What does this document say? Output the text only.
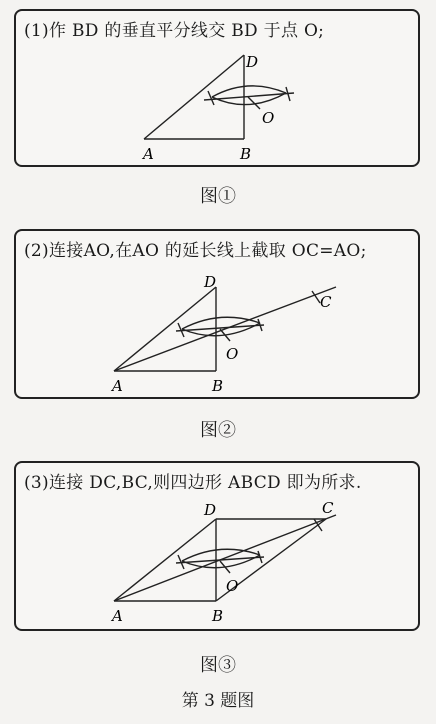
(1)作 BD 的垂直平分线交 BD 于点 O;
A	B
D
O
图①
(2)连接AO,在AO 的延长线上截取 OC=AO;
A	B
D
C
O
图②
(3)连接 DC,BC,则四边形 ABCD 即为所求.
A	B
D	C
O
图③
第 3 题图
